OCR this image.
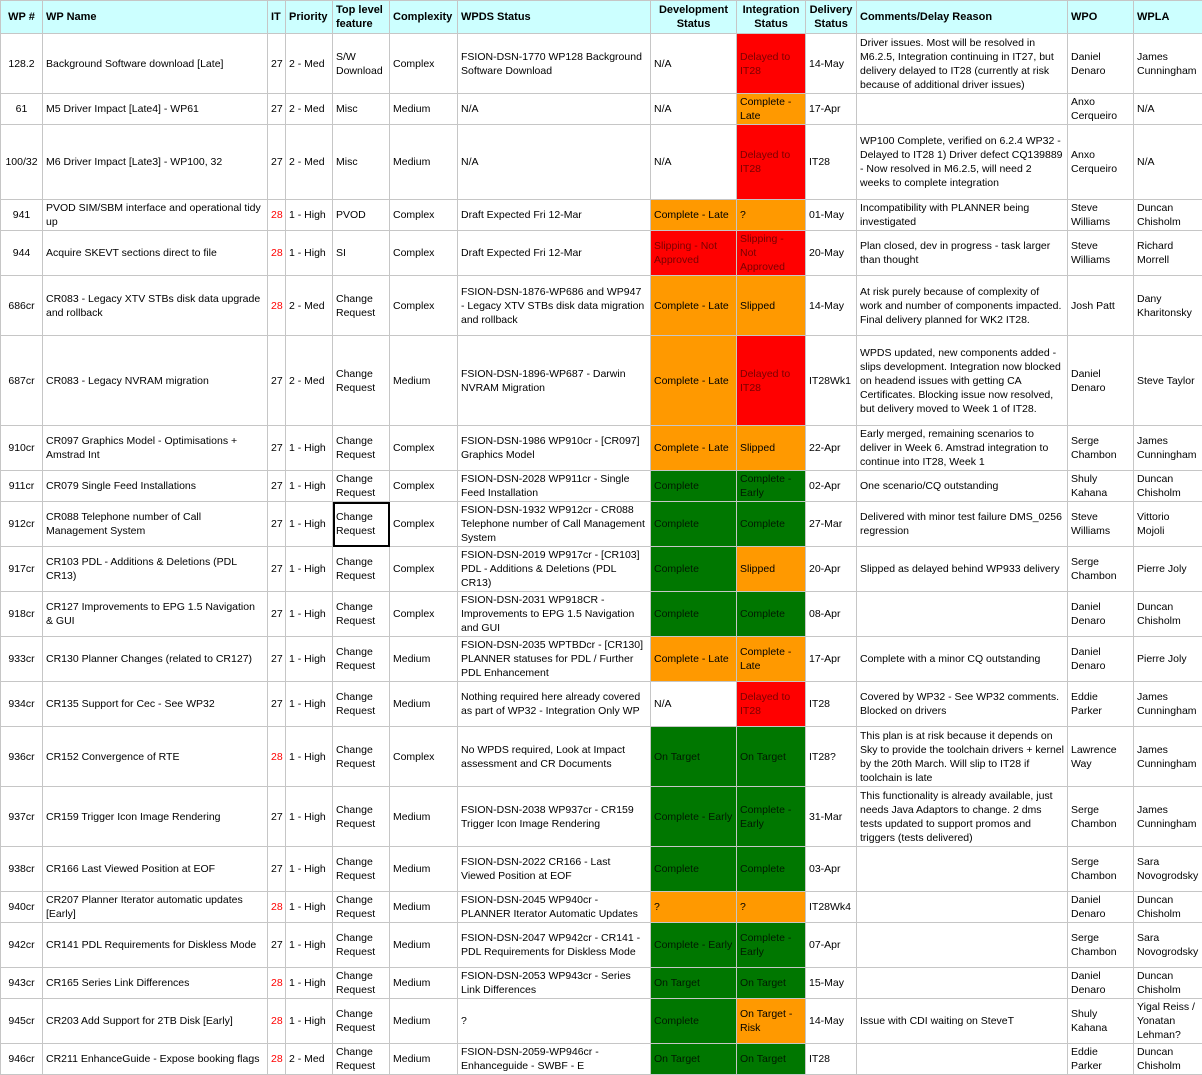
WP #	WP Name	IT	Priority	Top level feature	Complexity	WPDS Status	Development Status	Integration Status	Delivery Status	Comments/Delay Reason	WPO	WPLA
128.2	Background Software download [Late]	27	2 - Med	S/W Download	Complex	FSION-DSN-1770 WP128 Background Software Download	N/A	Delayed to IT28	14-May	Driver issues. Most will be resolved in M6.2.5, Integration continuing in IT27, but delivery delayed to IT28 (currently at risk because of additional driver issues)	Daniel Denaro	James Cunningham
61	M5 Driver Impact [Late4] - WP61	27	2 - Med	Misc	Medium	N/A	N/A	Complete - Late	17-Apr		Anxo Cerqueiro	N/A
100/32	M6 Driver Impact [Late3] - WP100, 32	27	2 - Med	Misc	Medium	N/A	N/A	Delayed to IT28	IT28	WP100 Complete, verified on 6.2.4 WP32 - Delayed to IT28 1) Driver defect CQ139889 - Now resolved in M6.2.5, will need 2 weeks to complete integration	Anxo Cerqueiro	N/A
941	PVOD SIM/SBM interface and operational tidy up	28	1 - High	PVOD	Complex	Draft Expected Fri 12-Mar	Complete - Late	?	01-May	Incompatibility with PLANNER being investigated	Steve Williams	Duncan Chisholm
944	Acquire SKEVT sections direct to file	28	1 - High	SI	Complex	Draft Expected Fri 12-Mar	Slipping - Not Approved	Slipping - Not Approved	20-May	Plan closed, dev in progress - task larger than thought	Steve Williams	Richard Morrell
686cr	CR083 - Legacy XTV STBs disk data upgrade and rollback	28	2 - Med	Change Request	Complex	FSION-DSN-1876-WP686 and WP947 - Legacy XTV STBs disk data migration and rollback	Complete - Late	Slipped	14-May	At risk purely because of complexity of work and number of components impacted. Final delivery planned for WK2 IT28.	Josh Patt	Dany Kharitonsky
687cr	CR083 - Legacy NVRAM migration	27	2 - Med	Change Request	Medium	FSION-DSN-1896-WP687 - Darwin NVRAM Migration	Complete - Late	Delayed to IT28	IT28Wk1	WPDS updated, new components added - slips development. Integration now blocked on headend issues with getting CA Certificates. Blocking issue now resolved, but delivery moved to Week 1 of IT28.	Daniel Denaro	Steve Taylor
910cr	CR097 Graphics Model - Optimisations + Amstrad Int	27	1 - High	Change Request	Complex	FSION-DSN-1986 WP910cr - [CR097] Graphics Model	Complete - Late	Slipped	22-Apr	Early merged, remaining scenarios to deliver in Week 6. Amstrad integration to continue into IT28, Week 1	Serge Chambon	James Cunningham
911cr	CR079 Single Feed Installations	27	1 - High	Change Request	Complex	FSION-DSN-2028 WP911cr - Single Feed Installation	Complete	Complete - Early	02-Apr	One scenario/CQ outstanding	Shuly Kahana	Duncan Chisholm
912cr	CR088 Telephone number of Call Management System	27	1 - High	Change Request	Complex	FSION-DSN-1932 WP912cr - CR088 Telephone number of Call Management System	Complete	Complete	27-Mar	Delivered with minor test failure DMS_0256 regression	Steve Williams	Vittorio Mojoli
917cr	CR103 PDL - Additions & Deletions (PDL CR13)	27	1 - High	Change Request	Complex	FSION-DSN-2019 WP917cr - [CR103] PDL - Additions & Deletions (PDL CR13)	Complete	Slipped	20-Apr	Slipped as delayed behind WP933 delivery	Serge Chambon	Pierre Joly
918cr	CR127 Improvements to EPG 1.5 Navigation & GUI	27	1 - High	Change Request	Complex	FSION-DSN-2031 WP918CR - Improvements to EPG 1.5 Navigation and GUI	Complete	Complete	08-Apr		Daniel Denaro	Duncan Chisholm
933cr	CR130 Planner Changes (related to CR127)	27	1 - High	Change Request	Medium	FSION-DSN-2035 WPTBDcr - [CR130] PLANNER statuses for PDL / Further PDL Enhancement	Complete - Late	Complete - Late	17-Apr	Complete with a minor CQ outstanding	Daniel Denaro	Pierre Joly
934cr	CR135 Support for Cec - See WP32	27	1 - High	Change Request	Medium	Nothing required here already covered as part of WP32 - Integration Only WP	N/A	Delayed to IT28	IT28	Covered by WP32 - See WP32 comments. Blocked on drivers	Eddie Parker	James Cunningham
936cr	CR152 Convergence of RTE	28	1 - High	Change Request	Complex	No WPDS required, Look at Impact assessment and CR Documents	On Target	On Target	IT28?	This plan is at risk because it depends on Sky to provide the toolchain drivers + kernel by the 20th March. Will slip to IT28 if toolchain is late	Lawrence Way	James Cunningham
937cr	CR159 Trigger Icon Image Rendering	27	1 - High	Change Request	Medium	FSION-DSN-2038 WP937cr - CR159 Trigger Icon Image Rendering	Complete - Early	Complete - Early	31-Mar	This functionality is already available, just needs Java Adaptors to change. 2 dms tests updated to support promos and triggers (tests delivered)	Serge Chambon	James Cunningham
938cr	CR166 Last Viewed Position at EOF	27	1 - High	Change Request	Medium	FSION-DSN-2022 CR166 - Last Viewed Position at EOF	Complete	Complete	03-Apr		Serge Chambon	Sara Novogrodsky
940cr	CR207 Planner Iterator automatic updates [Early]	28	1 - High	Change Request	Medium	FSION-DSN-2045 WP940cr - PLANNER Iterator Automatic Updates	?	?	IT28Wk4		Daniel Denaro	Duncan Chisholm
942cr	CR141 PDL Requirements for Diskless Mode	27	1 - High	Change Request	Medium	FSION-DSN-2047 WP942cr - CR141 - PDL Requirements for Diskless Mode	Complete - Early	Complete - Early	07-Apr		Serge Chambon	Sara Novogrodsky
943cr	CR165 Series Link Differences	28	1 - High	Change Request	Medium	FSION-DSN-2053 WP943cr - Series Link Differences	On Target	On Target	15-May		Daniel Denaro	Duncan Chisholm
945cr	CR203 Add Support for 2TB Disk [Early]	28	1 - High	Change Request	Medium	?	Complete	On Target - Risk	14-May	Issue with CDI waiting on SteveT	Shuly Kahana	Yigal Reiss / Yonatan Lehman?
946cr	CR211 EnhanceGuide - Expose booking flags	28	2 - Med	Change Request	Medium	FSION-DSN-2059-WP946cr - Enhanceguide - SWBF - E	On Target	On Target	IT28		Eddie Parker	Duncan Chisholm
